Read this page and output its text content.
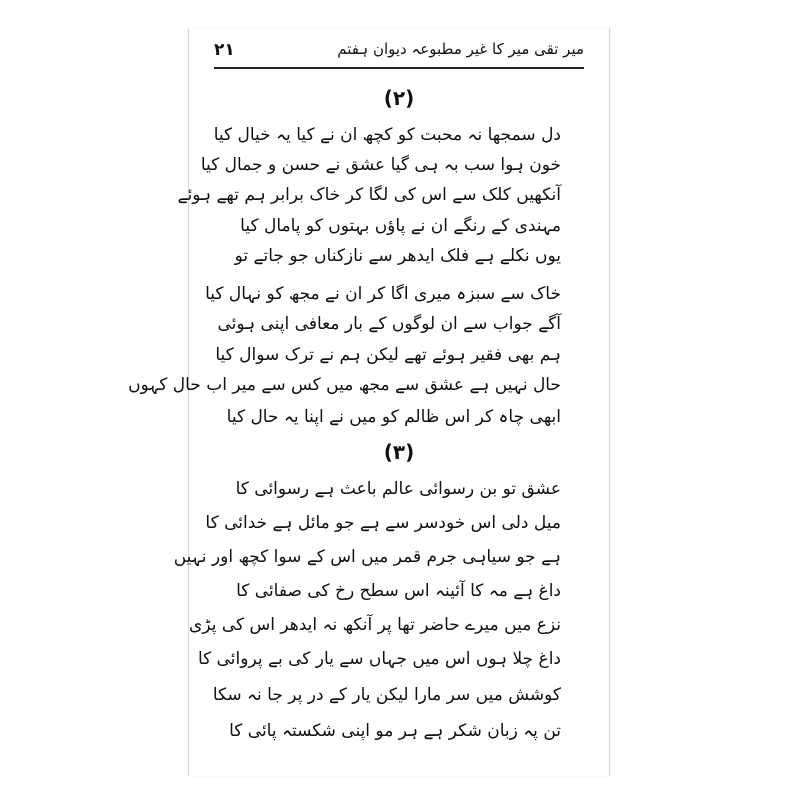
میر تقی میر کا غیر مطبوعہ دیوان ہفتم
۲۱
(۲)
دل سمجھا نہ محبت کو کچھ ان نے کیا یہ خیال کیا
خون ہوا سب بہ ہی گیا عشق نے حسن و جمال کیا
آنکھیں کلک سے اس کی لگا کر خاک برابر ہم تھے ہوئے
مہندی کے رنگے ان نے پاؤں بہتوں کو پامال کیا
یوں نکلے ہے فلک ایدھر سے نازکناں جو جاتے تو
خاک سے سبزہ میری اگا کر ان نے مجھ کو نہال کیا
آگے جواب سے ان لوگوں کے بار معافی اپنی ہوئی
ہم بھی فقیر ہوئے تھے لیکن ہم نے ترک سوال کیا
حال نہیں ہے عشق سے مجھ میں کس سے میر اب حال کہوں
ابھی چاہ کر اس ظالم کو میں نے اپنا یہ حال کیا
(۳)
عشق تو بن رسوائی عالم باعث ہے رسوائی کا
میل دلی اس خودسر سے ہے جو مائل ہے خدائی کا
ہے جو سیاہی جرم قمر میں اس کے سوا کچھ اور نہیں
داغ ہے مہ کا آئینہ اس سطح رخ کی صفائی کا
نزع میں میرے حاضر تھا پر آنکھ نہ ایدھر اس کی پڑی
داغ چلا ہوں اس میں جہاں سے یار کی بے پروائی کا
کوشش میں سر مارا لیکن یار کے در پر جا نہ سکا
تن پہ زبان شکر ہے ہر مو اپنی شکستہ پائی کا
